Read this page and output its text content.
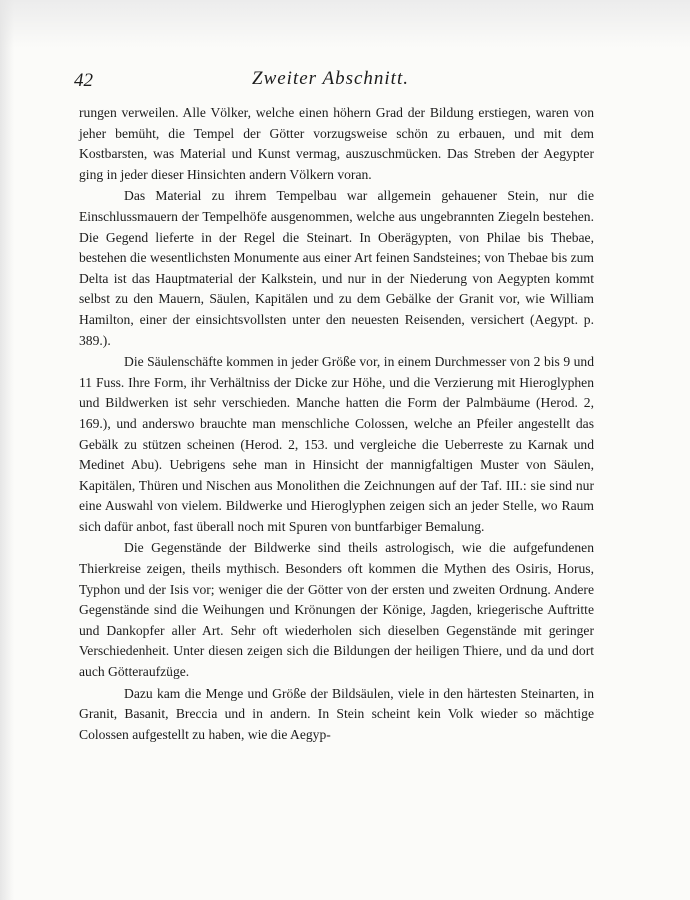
42	Zweiter Abschnitt.

rungen verweilen. Alle Völker, welche einen höhern Grad der Bildung erstiegen, waren von jeher bemüht, die Tempel der Götter vorzugsweise schön zu erbauen, und mit dem Kostbarsten, was Material und Kunst vermag, auszuschmücken. Das Streben der Aegypter ging in jeder dieser Hinsichten andern Völkern voran.

Das Material zu ihrem Tempelbau war allgemein gehauener Stein, nur die Einschlussmauern der Tempelhöfe ausgenommen, welche aus ungebrannten Ziegeln bestehen. Die Gegend lieferte in der Regel die Steinart. In Oberägypten, von Philae bis Thebae, bestehen die wesentlichsten Monumente aus einer Art feinen Sandsteines; von Thebae bis zum Delta ist das Hauptmaterial der Kalkstein, und nur in der Niederung von Aegypten kommt selbst zu den Mauern, Säulen, Kapitälen und zu dem Gebälke der Granit vor, wie William Hamilton, einer der einsichtsvollsten unter den neuesten Reisenden, versichert (Aegypt. p. 389.).

Die Säulenschäfte kommen in jeder Größe vor, in einem Durchmesser von 2 bis 9 und 11 Fuss. Ihre Form, ihr Verhältniss der Dicke zur Höhe, und die Verzierung mit Hieroglyphen und Bildwerken ist sehr verschieden. Manche hatten die Form der Palmbäume (Herod. 2, 169.), und anderswo brauchte man menschliche Colossen, welche an Pfeiler angestellt das Gebälk zu stützen scheinen (Herod. 2, 153. und vergleiche die Ueberreste zu Karnak und Medinet Abu). Uebrigens sehe man in Hinsicht der mannigfaltigen Muster von Säulen, Kapitälen, Thüren und Nischen aus Monolithen die Zeichnungen auf der Taf. III.: sie sind nur eine Auswahl von vielem. Bildwerke und Hieroglyphen zeigen sich an jeder Stelle, wo Raum sich dafür anbot, fast überall noch mit Spuren von buntfarbiger Bemalung.

Die Gegenstände der Bildwerke sind theils astrologisch, wie die aufgefundenen Thierkreise zeigen, theils mythisch. Besonders oft kommen die Mythen des Osiris, Horus, Typhon und der Isis vor; weniger die der Götter von der ersten und zweiten Ordnung. Andere Gegenstände sind die Weihungen und Krönungen der Könige, Jagden, kriegerische Auftritte und Dankopfer aller Art. Sehr oft wiederholen sich dieselben Gegenstände mit geringer Verschiedenheit. Unter diesen zeigen sich die Bildungen der heiligen Thiere, und da und dort auch Götteraufzüge.

Dazu kam die Menge und Größe der Bildsäulen, viele in den härtesten Steinarten, in Granit, Basanit, Breccia und in andern. In Stein scheint kein Volk wieder so mächtige Colossen aufgestellt zu haben, wie die Aegyp-
